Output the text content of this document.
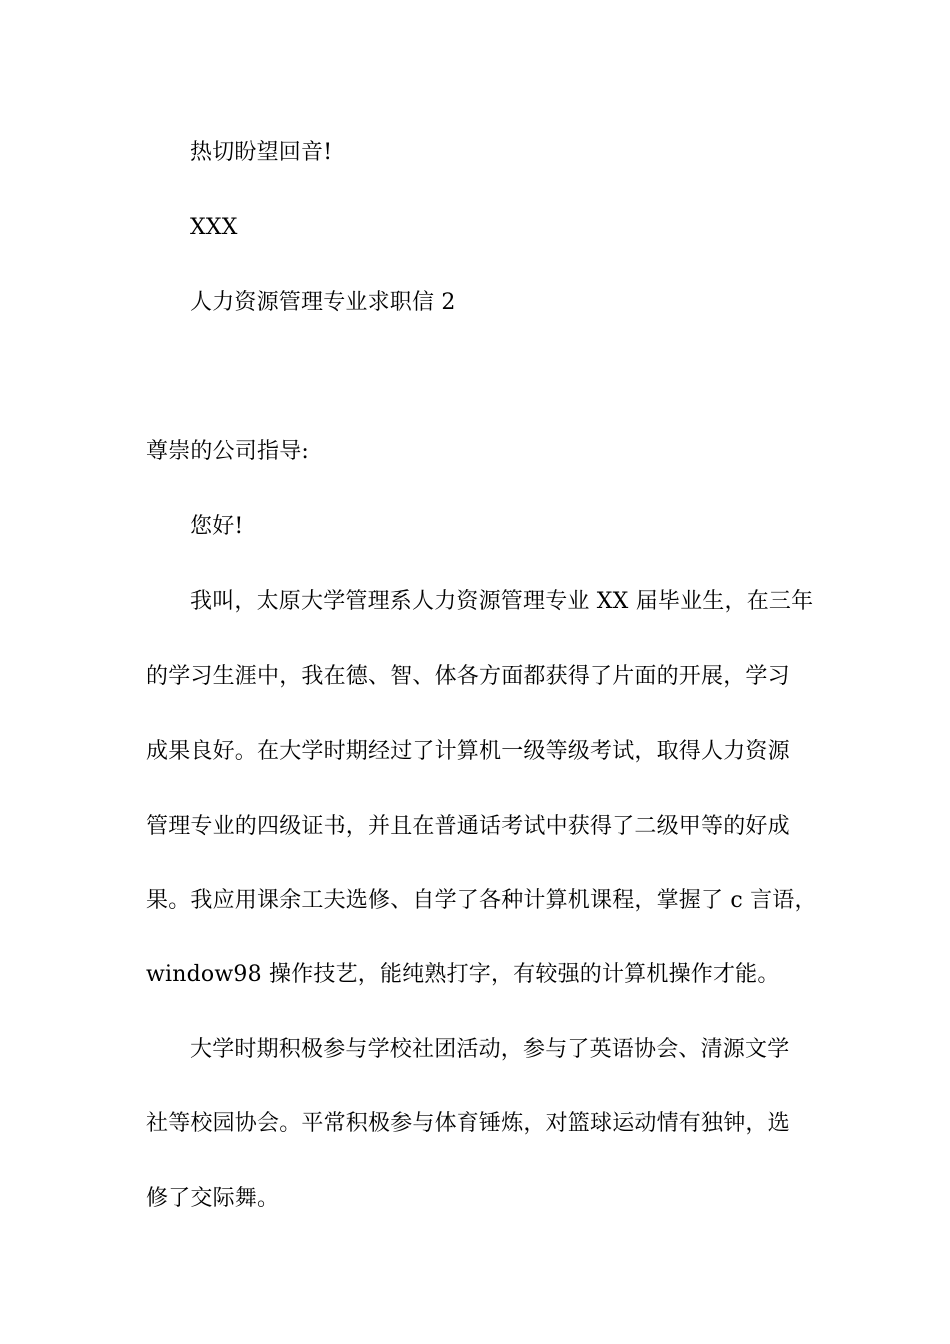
热切盼望回音!

XXX

人力资源管理专业求职信 2

尊崇的公司指导:

您好!

我叫，太原大学管理系人力资源管理专业 XX 届毕业生，在三年

的学习生涯中，我在德、智、体各方面都获得了片面的开展，学习

成果良好。在大学时期经过了计算机一级等级考试，取得人力资源

管理专业的四级证书，并且在普通话考试中获得了二级甲等的好成

果。我应用课余工夫选修、自学了各种计算机课程，掌握了 c 言语，

window98 操作技艺，能纯熟打字，有较强的计算机操作才能。

大学时期积极参与学校社团活动，参与了英语协会、清源文学

社等校园协会。平常积极参与体育锤炼，对篮球运动情有独钟，选

修了交际舞。
